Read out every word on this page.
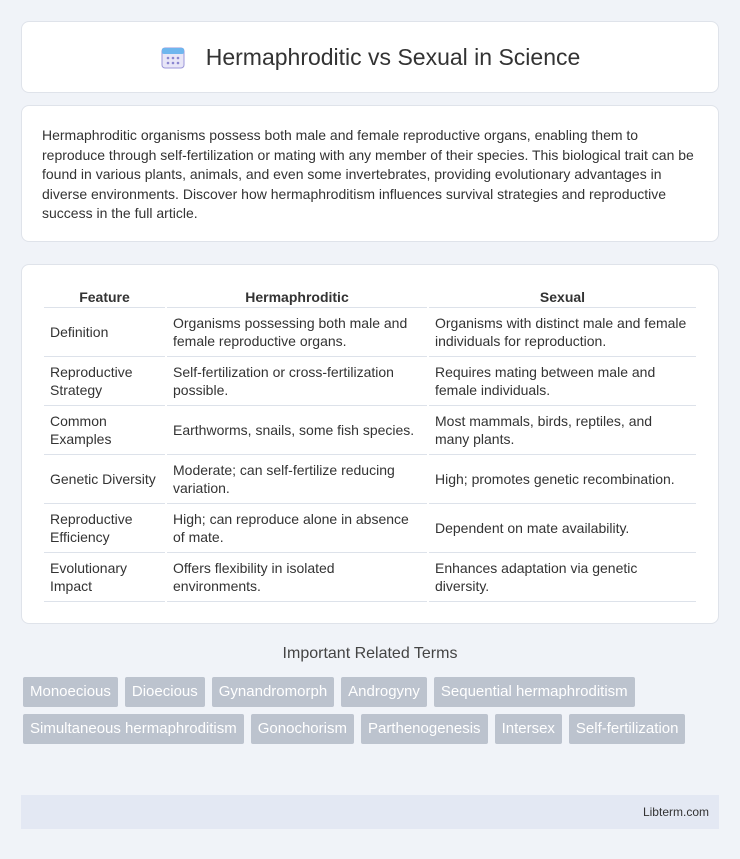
Hermaphroditic vs Sexual in Science

Hermaphroditic organisms possess both male and female reproductive organs, enabling them to reproduce through self-fertilization or mating with any member of their species. This biological trait can be found in various plants, animals, and even some invertebrates, providing evolutionary advantages in diverse environments. Discover how hermaphroditism influences survival strategies and reproductive success in the full article.

Feature	Hermaphroditic	Sexual
Definition	Organisms possessing both male and female reproductive organs.	Organisms with distinct male and female individuals for reproduction.
Reproductive Strategy	Self-fertilization or cross-fertilization possible.	Requires mating between male and female individuals.
Common Examples	Earthworms, snails, some fish species.	Most mammals, birds, reptiles, and many plants.
Genetic Diversity	Moderate; can self-fertilize reducing variation.	High; promotes genetic recombination.
Reproductive Efficiency	High; can reproduce alone in absence of mate.	Dependent on mate availability.
Evolutionary Impact	Offers flexibility in isolated environments.	Enhances adaptation via genetic diversity.
Important Related Terms
Monoecious	Dioecious	Gynandromorph	Androgyny	Sequential hermaphroditism
Simultaneous hermaphroditism	Gonochorism	Parthenogenesis	Intersex	Self-fertilization
Libterm.com
